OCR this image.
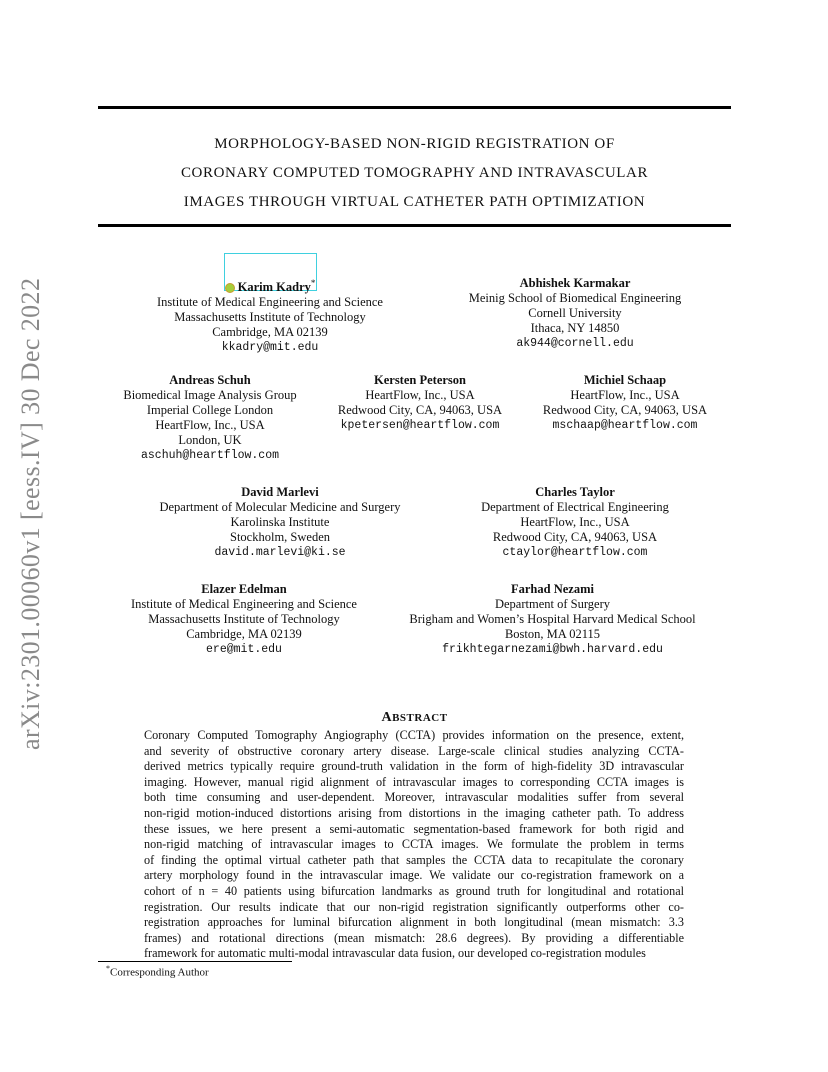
MORPHOLOGY-BASED NON-RIGID REGISTRATION OF
CORONARY COMPUTED TOMOGRAPHY AND INTRAVASCULAR
IMAGES THROUGH VIRTUAL CATHETER PATH OPTIMIZATION
arXiv:2301.00060v1 [eess.IV] 30 Dec 2022	Karim Kadry*
Institute of Medical Engineering and Science
Massachusetts Institute of Technology
Cambridge, MA 02139
kkadry@mit.edu
Abhishek Karmakar
Meinig School of Biomedical Engineering
Cornell University
Ithaca, NY 14850
ak944@cornell.edu
Andreas Schuh
Biomedical Image Analysis Group
Imperial College London
HeartFlow, Inc., USA
London, UK
aschuh@heartflow.com
Kersten Peterson
HeartFlow, Inc., USA
Redwood City, CA, 94063, USA
kpetersen@heartflow.com
Michiel Schaap
HeartFlow, Inc., USA
Redwood City, CA, 94063, USA
mschaap@heartflow.com
David Marlevi
Department of Molecular Medicine and Surgery
Karolinska Institute
Stockholm, Sweden
david.marlevi@ki.se
Charles Taylor
Department of Electrical Engineering
HeartFlow, Inc., USA
Redwood City, CA, 94063, USA
ctaylor@heartflow.com
Elazer Edelman
Institute of Medical Engineering and Science
Massachusetts Institute of Technology
Cambridge, MA 02139
ere@mit.edu
Farhad Nezami
Department of Surgery
Brigham and Women’s Hospital Harvard Medical School
Boston, MA 02115
frikhtegarnezami@bwh.harvard.edu
ABSTRACT
Coronary Computed Tomography Angiography (CCTA) provides information on the presence, extent,
and severity of obstructive coronary artery disease. Large-scale clinical studies analyzing CCTA-
derived metrics typically require ground-truth validation in the form of high-fidelity 3D intravascular
imaging. However, manual rigid alignment of intravascular images to corresponding CCTA images is
both time consuming and user-dependent. Moreover, intravascular modalities suffer from several
non-rigid motion-induced distortions arising from distortions in the imaging catheter path. To address
these issues, we here present a semi-automatic segmentation-based framework for both rigid and
non-rigid matching of intravascular images to CCTA images. We formulate the problem in terms
of finding the optimal virtual catheter path that samples the CCTA data to recapitulate the coronary
artery morphology found in the intravascular image. We validate our co-registration framework on a
cohort of n = 40 patients using bifurcation landmarks as ground truth for longitudinal and rotational
registration. Our results indicate that our non-rigid registration significantly outperforms other co-
registration approaches for luminal bifurcation alignment in both longitudinal (mean mismatch: 3.3
frames) and rotational directions (mean mismatch: 28.6 degrees). By providing a differentiable
framework for automatic multi-modal intravascular data fusion, our developed co-registration modules
*Corresponding Author
